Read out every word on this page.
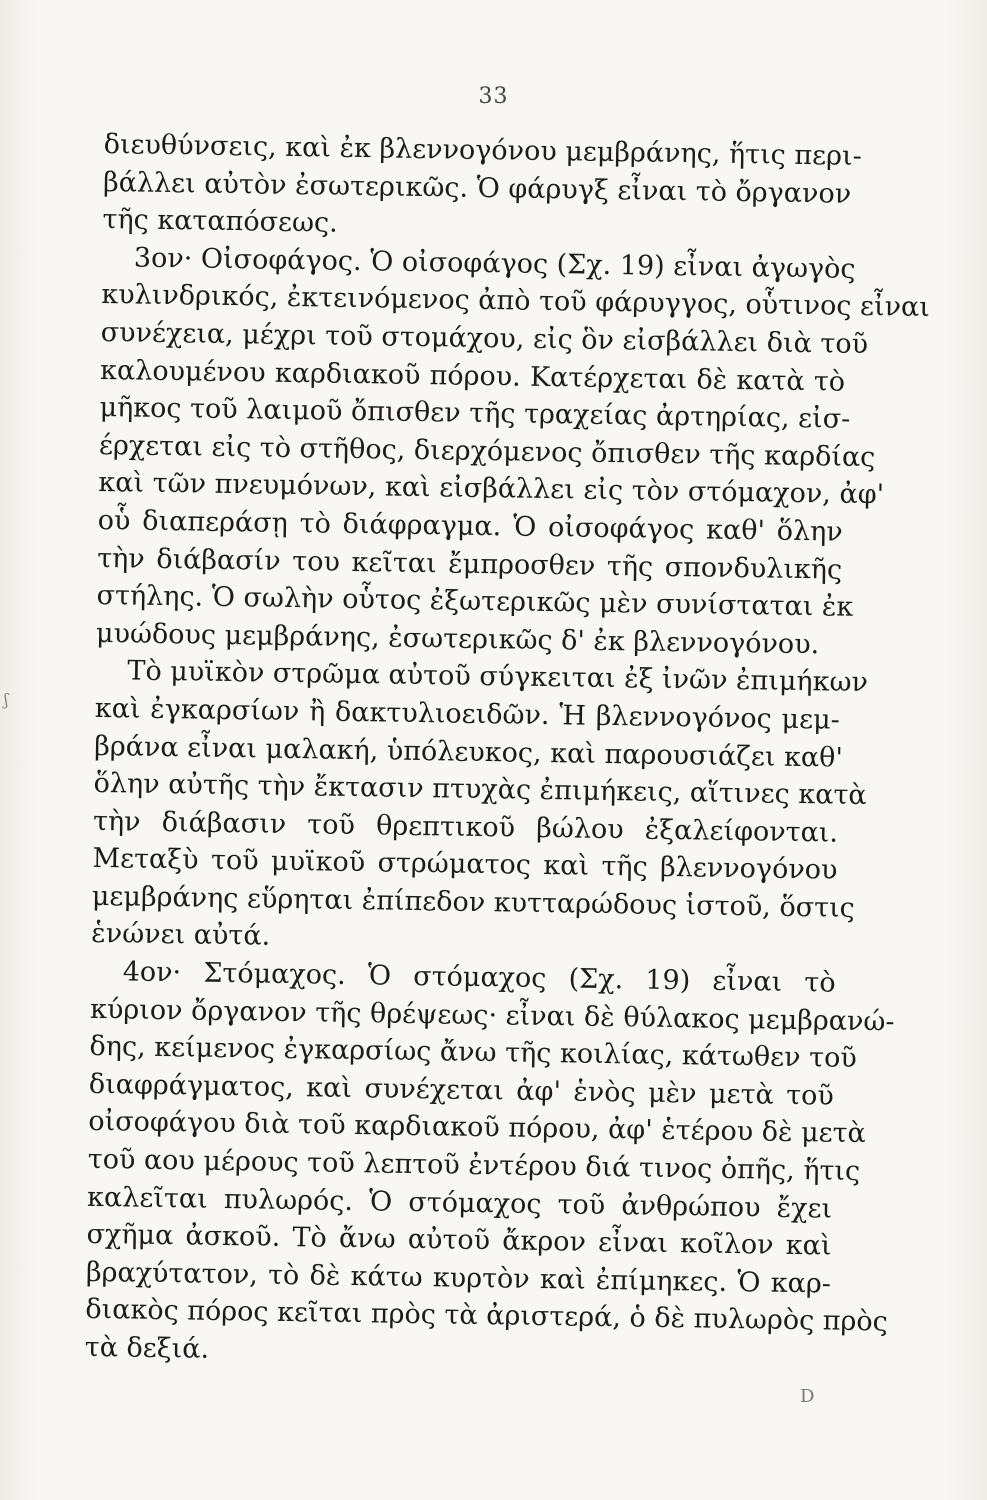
33
ʃ
διευθύνσεις, καὶ ἐκ βλεννογόνου μεμβράνης, ἥτις περι-
βάλλει αὐτὸν ἐσωτερικῶς. Ὁ φάρυγξ εἶναι τὸ ὄργανον
τῆς καταπόσεως.
3ον· Οἰσοφάγος. Ὁ οἰσοφάγος (Σχ. 19) εἶναι ἀγωγὸς
κυλινδρικός, ἐκτεινόμενος ἀπὸ τοῦ φάρυγγος, οὗτινος εἶναι
συνέχεια, μέχρι τοῦ στομάχου, εἰς ὃν εἰσβάλλει διὰ τοῦ
καλουμένου καρδιακοῦ πόρου. Κατέρχεται δὲ κατὰ τὸ
μῆκος τοῦ λαιμοῦ ὄπισθεν τῆς τραχείας ἀρτηρίας, εἰσ-
έρχεται εἰς τὸ στῆθος, διερχόμενος ὄπισθεν τῆς καρδίας
καὶ τῶν πνευμόνων, καὶ εἰσβάλλει εἰς τὸν στόμαχον, ἀφ'
οὗ διαπεράσῃ τὸ διάφραγμα. Ὁ οἰσοφάγος καθ' ὅλην
τὴν διάβασίν του κεῖται ἔμπροσθεν τῆς σπονδυλικῆς
στήλης. Ὁ σωλὴν οὗτος ἐξωτερικῶς μὲν συνίσταται ἐκ
μυώδους μεμβράνης, ἐσωτερικῶς δ' ἐκ βλεννογόνου.
Τὸ μυϊκὸν στρῶμα αὐτοῦ σύγκειται ἐξ ἰνῶν ἐπιμήκων
καὶ ἐγκαρσίων ἢ δακτυλιοειδῶν. Ἡ βλεννογόνος μεμ-
βράνα εἶναι μαλακή, ὑπόλευκος, καὶ παρουσιάζει καθ'
ὅλην αὐτῆς τὴν ἔκτασιν πτυχὰς ἐπιμήκεις, αἵτινες κατὰ
τὴν διάβασιν τοῦ θρεπτικοῦ βώλου ἐξαλείφονται.
Μεταξὺ τοῦ μυϊκοῦ στρώματος καὶ τῆς βλεννογόνου
μεμβράνης εὕρηται ἐπίπεδον κυτταρώδους ἱστοῦ, ὅστις
ἑνώνει αὐτά.
4ον· Στόμαχος. Ὁ στόμαχος (Σχ. 19) εἶναι τὸ
κύριον ὄργανον τῆς θρέψεως· εἶναι δὲ θύλακος μεμβρανώ-
δης, κείμενος ἐγκαρσίως ἄνω τῆς κοιλίας, κάτωθεν τοῦ
διαφράγματος, καὶ συνέχεται ἀφ' ἑνὸς μὲν μετὰ τοῦ
οἰσοφάγου διὰ τοῦ καρδιακοῦ πόρου, ἀφ' ἑτέρου δὲ μετὰ
τοῦ αου μέρους τοῦ λεπτοῦ ἐντέρου διά τινος ὀπῆς, ἥτις
καλεῖται πυλωρός. Ὁ στόμαχος τοῦ ἀνθρώπου ἔχει
σχῆμα ἀσκοῦ. Τὸ ἄνω αὐτοῦ ἄκρον εἶναι κοῖλον καὶ
βραχύτατον, τὸ δὲ κάτω κυρτὸν καὶ ἐπίμηκες. Ὁ καρ-
διακὸς πόρος κεῖται πρὸς τὰ ἀριστερά, ὁ δὲ πυλωρὸς πρὸς
τὰ δεξιά.
D
